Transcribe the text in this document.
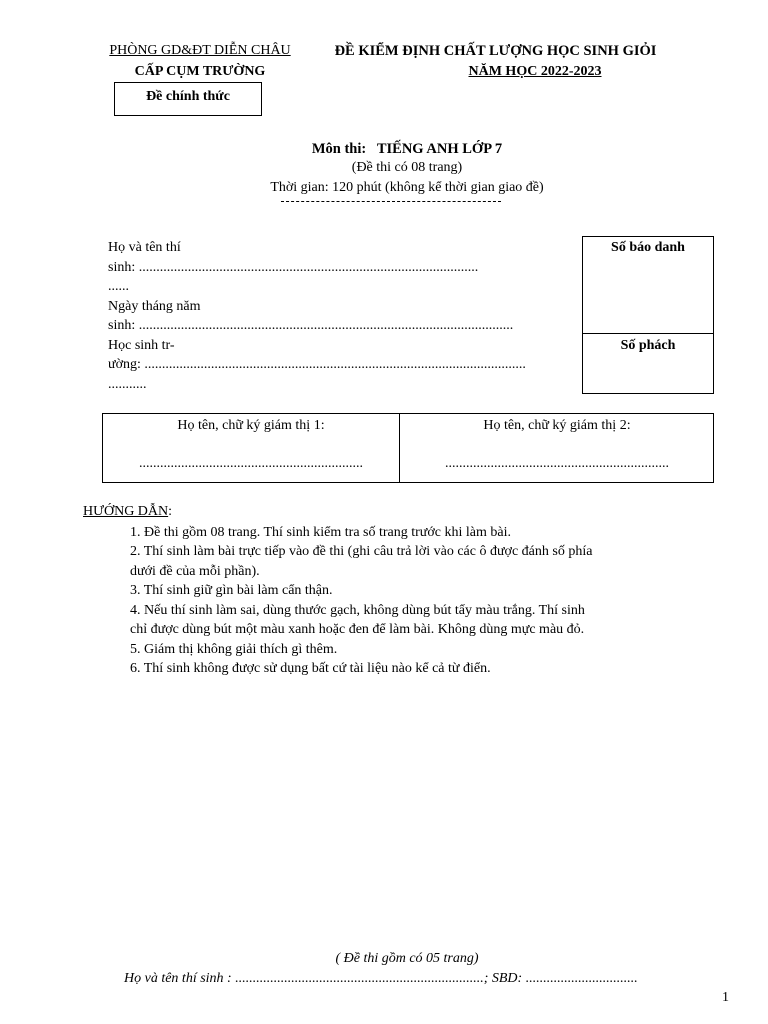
PHÒNG GD&ĐT DIỄN CHÂU
CẤP CỤM TRƯỜNG
ĐỀ KIỂM ĐỊNH CHẤT LƯỢNG HỌC SINH GIỎI
NĂM HỌC 2022-2023
Đề chính thức
Môn thi: TIẾNG ANH LỚP 7
(Đề thi có 08 trang)
Thời gian: 120 phút (không kể thời gian giao đề)
Họ và tên thí
sinh: .................................................................................................
......
Ngày tháng năm
sinh: ...........................................................................................................
Học sinh tr-
ường: .............................................................................................................
...........
Số báo danh
Số phách
Họ tên, chữ ký giám thị 1:
................................................................
Họ tên, chữ ký giám thị 2:
................................................................
HƯỚNG DẪN:
1. Đề thi gồm 08 trang. Thí sinh kiểm tra số trang trước khi làm bài.
2. Thí sinh làm bài trực tiếp vào đề thi (ghi câu trả lời vào các ô được đánh số phía
dưới đề của mỗi phần).
3. Thí sinh giữ gìn bài làm cẩn thận.
4. Nếu thí sinh làm sai, dùng thước gạch, không dùng bút tẩy màu trắng. Thí sinh
chỉ được dùng bút một màu xanh hoặc đen để làm bài. Không dùng mực màu đỏ.
5. Giám thị không giải thích gì thêm.
6. Thí sinh không được sử dụng bất cứ tài liệu nào kể cả từ điển.
( Đề thi gồm có 05 trang)
Họ và tên thí sinh : .......................................................................; SBD: ................................
1
